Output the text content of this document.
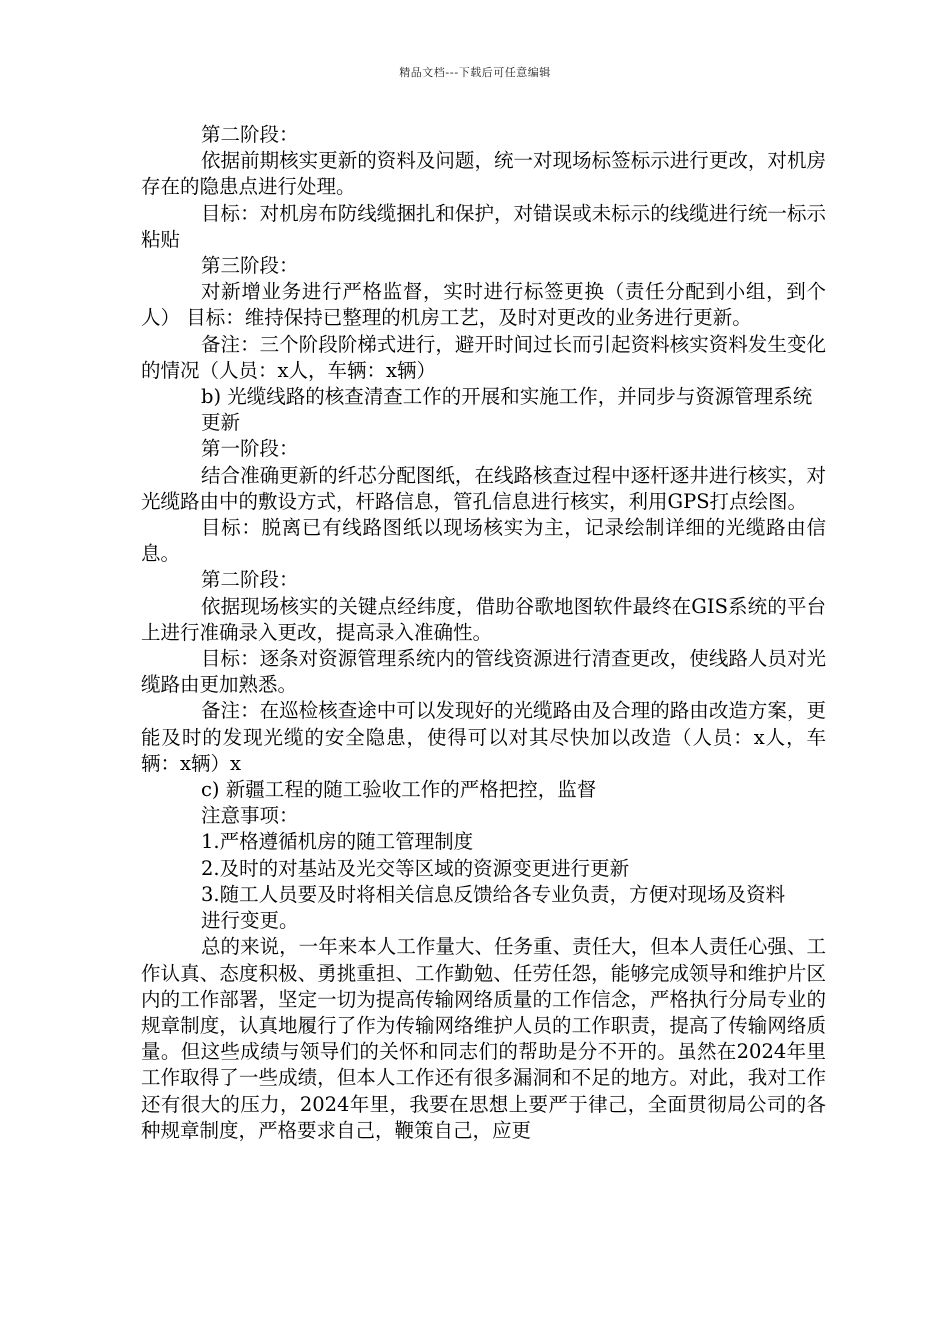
精品文档---下载后可任意编辑

第二阶段：

依据前期核实更新的资料及问题，统一对现场标签标示进行更改，对机房存在的隐患点进行处理。

目标：对机房布防线缆捆扎和保护，对错误或未标示的线缆进行统一标示粘贴

第三阶段：

对新增业务进行严格监督，实时进行标签更换（责任分配到小组，到个人） 目标：维持保持已整理的机房工艺，及时对更改的业务进行更新。

备注：三个阶段阶梯式进行，避开时间过长而引起资料核实资料发生变化的情况（人员：x人，车辆：x辆）

b) 光缆线路的核查清查工作的开展和实施工作，并同步与资源管理系统

更新

第一阶段：

结合准确更新的纤芯分配图纸，在线路核查过程中逐杆逐井进行核实，对光缆路由中的敷设方式，杆路信息，管孔信息进行核实，利用GPS打点绘图。

目标：脱离已有线路图纸以现场核实为主，记录绘制详细的光缆路由信息。

第二阶段：

依据现场核实的关键点经纬度，借助谷歌地图软件最终在GIS系统的平台上进行准确录入更改，提高录入准确性。

目标：逐条对资源管理系统内的管线资源进行清查更改，使线路人员对光缆路由更加熟悉。

备注：在巡检核查途中可以发现好的光缆路由及合理的路由改造方案，更能及时的发现光缆的安全隐患，使得可以对其尽快加以改造（人员：x人，车辆：x辆）x

c) 新疆工程的随工验收工作的严格把控，监督

注意事项：

1.严格遵循机房的随工管理制度

2.及时的对基站及光交等区域的资源变更进行更新

3.随工人员要及时将相关信息反馈给各专业负责，方便对现场及资料

进行变更。

总的来说，一年来本人工作量大、任务重、责任大，但本人责任心强、工作认真、态度积极、勇挑重担、工作勤勉、任劳任怨，能够完成领导和维护片区内的工作部署，坚定一切为提高传输网络质量的工作信念，严格执行分局专业的规章制度，认真地履行了作为传输网络维护人员的工作职责，提高了传输网络质量。但这些成绩与领导们的关怀和同志们的帮助是分不开的。虽然在2024年里工作取得了一些成绩，但本人工作还有很多漏洞和不足的地方。对此，我对工作还有很大的压力，2024年里，我要在思想上要严于律己，全面贯彻局公司的各种规章制度，严格要求自己，鞭策自己，应更
